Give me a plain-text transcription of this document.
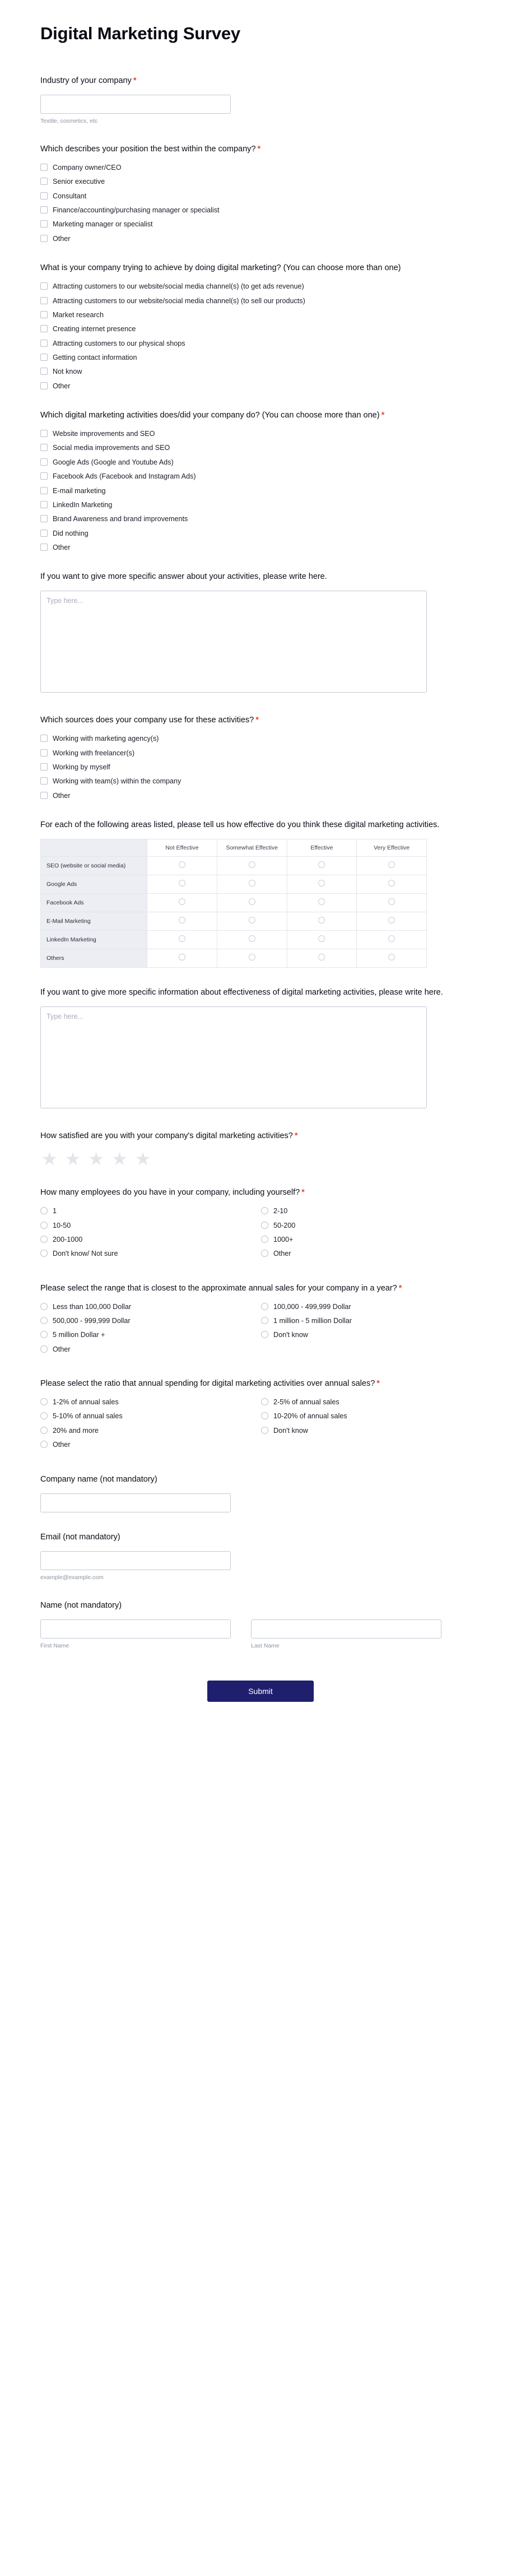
Digital Marketing Survey
Industry of your company *
Textile, cosmetics, etc
Which describes your position the best within the company? *
Company owner/CEO
Senior executive
Consultant
Finance/accounting/purchasing manager or specialist
Marketing manager or specialist
Other
What is your company trying to achieve by doing digital marketing? (You can choose more than one)
Attracting customers to our website/social media channel(s) (to get ads revenue)
Attracting customers to our website/social media channel(s) (to sell our products)
Market research
Creating internet presence
Attracting customers to our physical shops
Getting contact information
Not know
Other
Which digital marketing activities does/did your company do? (You can choose more than one) *
Website improvements and SEO
Social media improvements and SEO
Google Ads (Google and Youtube Ads)
Facebook Ads (Facebook and Instagram Ads)
E-mail marketing
LinkedIn Marketing
Brand Awareness and brand improvements
Did nothing
Other
If you want to give more specific answer about your activities, please write here.
Type here...
Which sources does your company use for these activities? *
Working with marketing agency(s)
Working with freelancer(s)
Working by myself
Working with team(s) within the company
Other
For each of the following areas listed, please tell us how effective do you think these digital marketing activities.
	Not Effective	Somewhat Effective	Effective	Very Effective
SEO (website or social media)				
Google Ads				
Facebook Ads				
E-Mail Marketing				
LinkedIn Marketing				
Others				
If you want to give more specific information about effectiveness of digital marketing activities, please write here.
Type here...
How satisfied are you with your company's digital marketing activities? *
★ ★ ★ ★ ★
How many employees do you have in your company, including yourself? *
1	2-10
10-50	50-200
200-1000	1000+
Don't know/ Not sure	Other
Please select the range that is closest to the approximate annual sales for your company in a year? *
Less than 100,000 Dollar	100,000 - 499,999 Dollar
500,000 - 999,999 Dollar	1 million - 5 million Dollar
5 million Dollar +	Don't know
Other
Please select the ratio that annual spending for digital marketing activities over annual sales? *
1-2% of annual sales	2-5% of annual sales
5-10% of annual sales	10-20% of annual sales
20% and more	Don't know
Other
Company name (not mandatory)
Email (not mandatory)
example@example.com
Name (not mandatory)
First Name	Last Name
Submit
